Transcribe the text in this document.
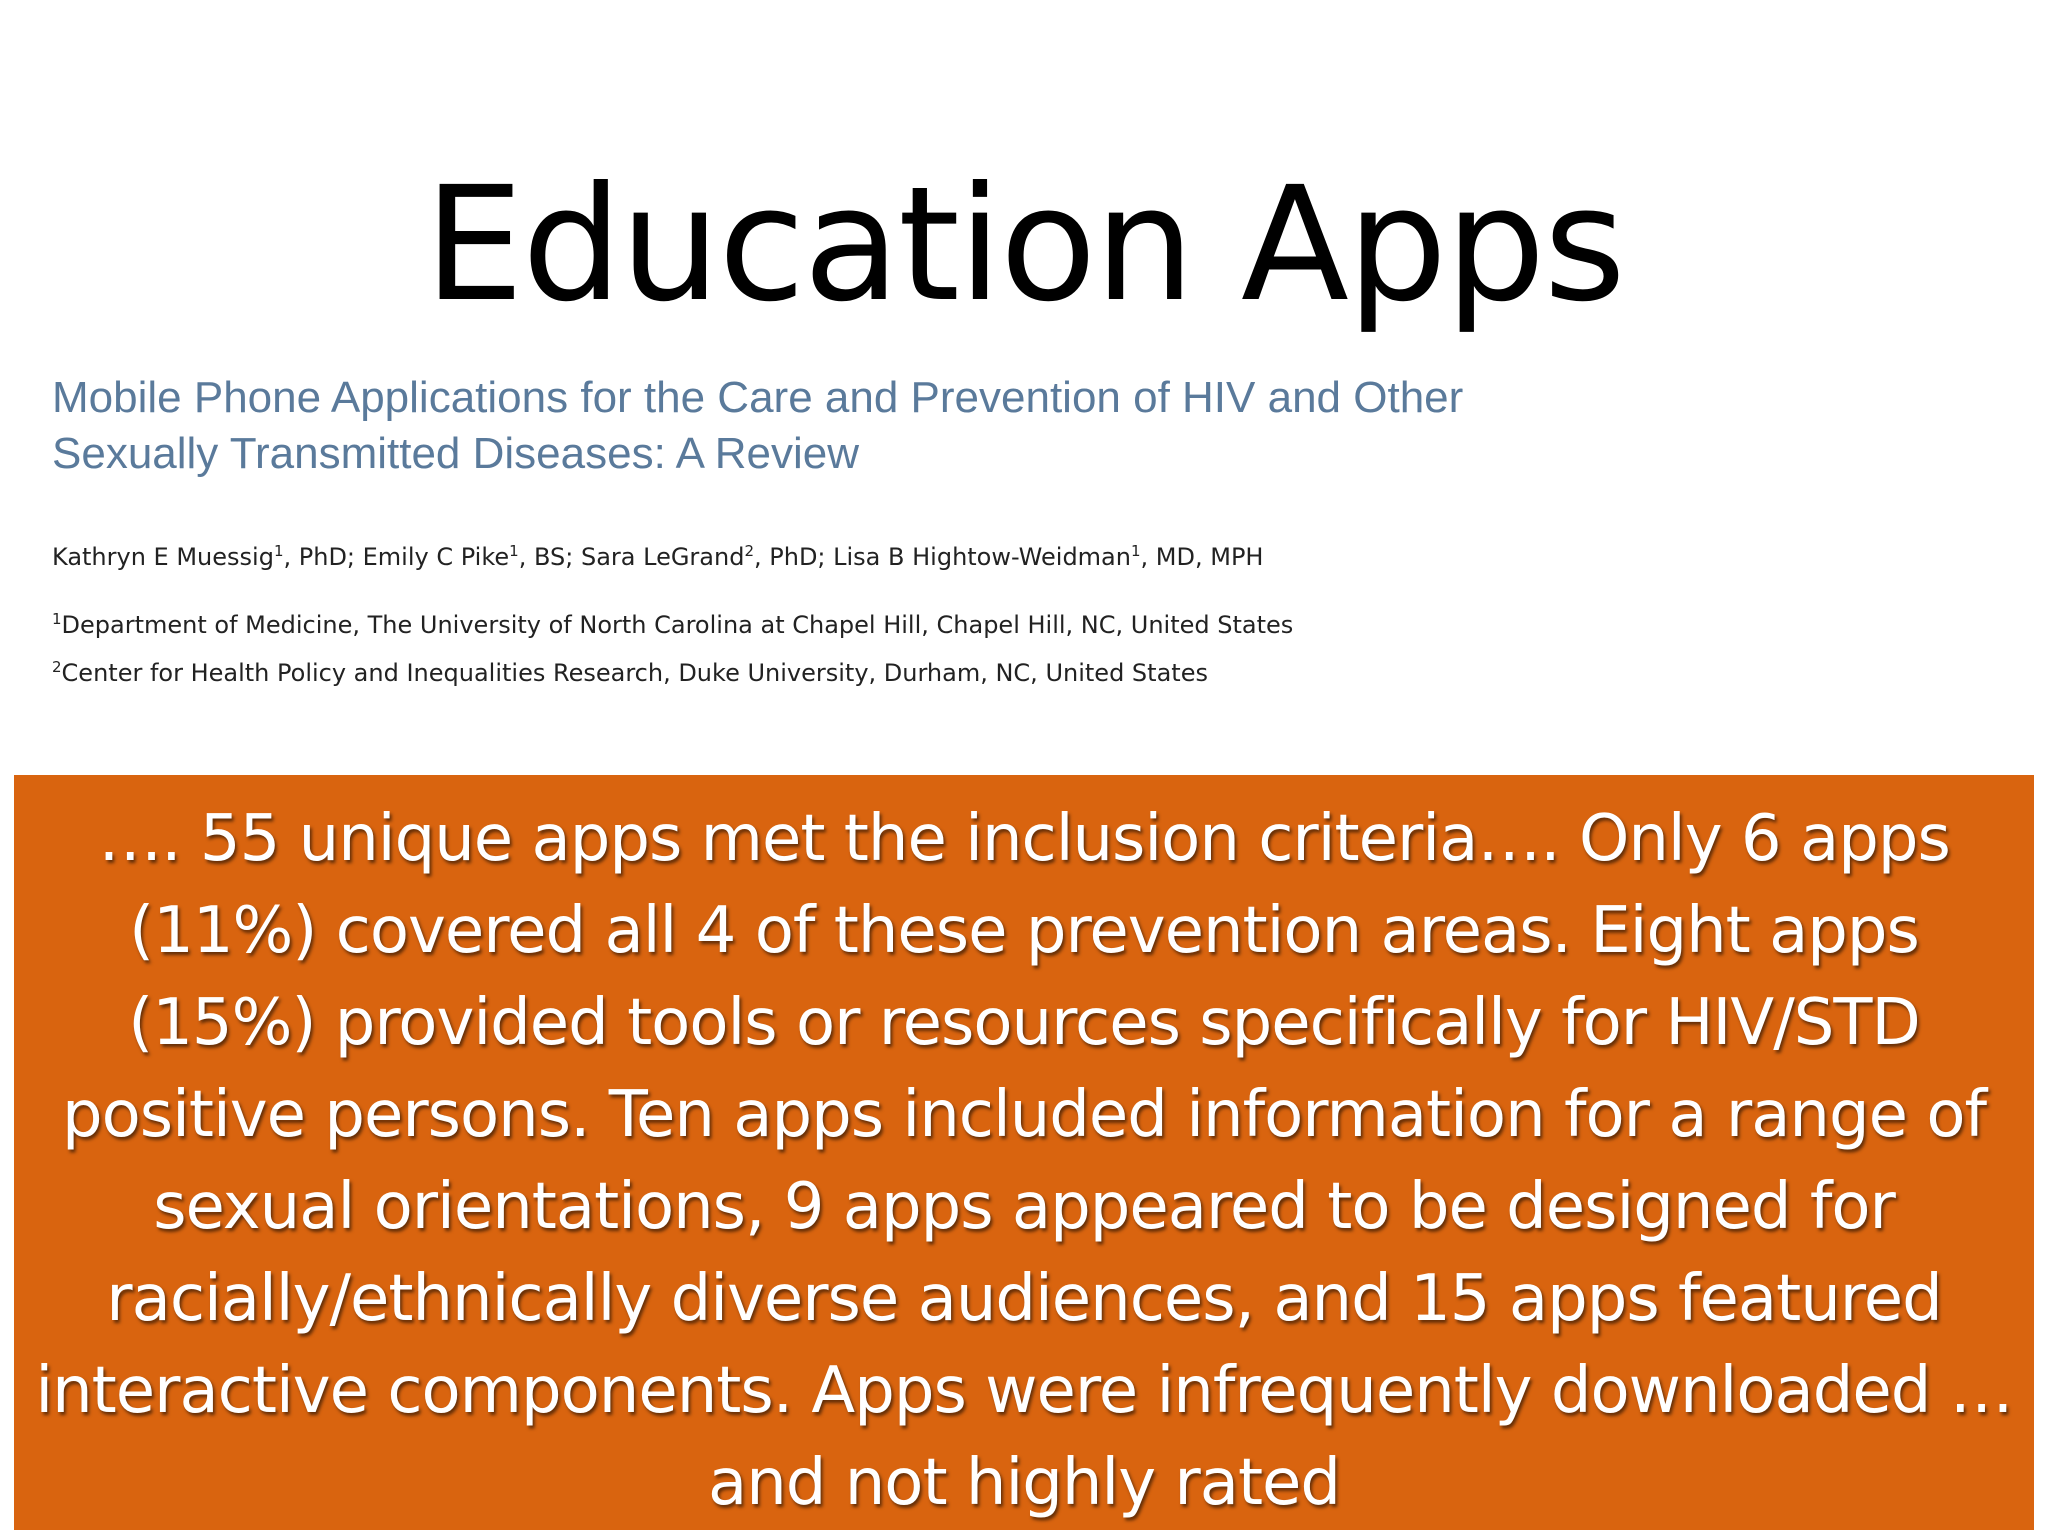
Education Apps
Mobile Phone Applications for the Care and Prevention of HIV and Other
Sexually Transmitted Diseases: A Review
Kathryn E Muessig$^1$, PhD; Emily C Pike$^1$, BS; Sara LeGrand$^2$, PhD; Lisa B Hightow-Weidman$^1$, MD, MPH
$^1$Department of Medicine, The University of North Carolina at Chapel Hill, Chapel Hill, NC, United States
$^2$Center for Health Policy and Inequalities Research, Duke University, Durham, NC, United States

…. 55 unique apps met the inclusion criteria…. Only 6 apps (11%) covered all 4 of these prevention areas. Eight apps (15%) provided tools or resources specifically for HIV/STD positive persons. Ten apps included information for a range of sexual orientations, 9 apps appeared to be designed for racially/ethnically diverse audiences, and 15 apps featured interactive components. Apps were infrequently downloaded … and not highly rated
